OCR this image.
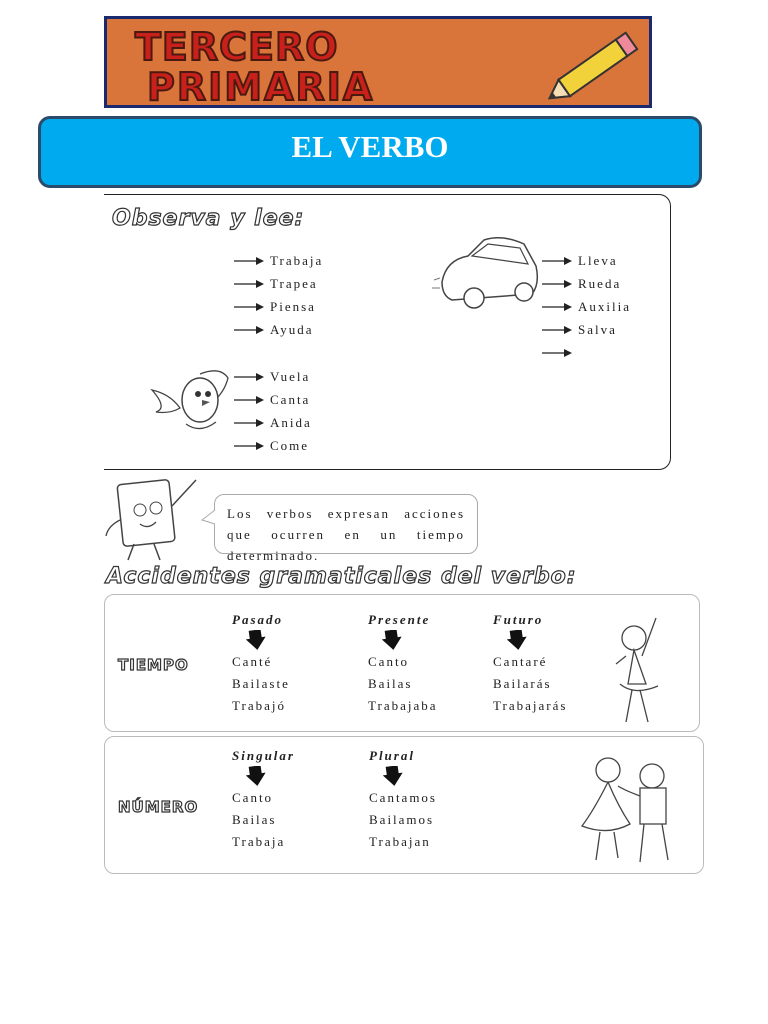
TERCERO
PRIMARIA
EL VERBO
Observa y lee:
Trabaja
Trapea
Piensa
Ayuda
Lleva
Rueda
Auxilia
Salva
Vuela
Canta
Anida
Come
Los verbos expresan acciones que ocurren en un tiempo determinado.
Accidentes gramaticales del verbo:
TIEMPO
Pasado
Canté
Bailaste
Trabajó
Presente
Canto
Bailas
Trabajaba
Futuro
Cantaré
Bailarás
Trabajarás
NÚMERO
Singular
Canto
Bailas
Trabaja
Plural
Cantamos
Bailamos
Trabajan
